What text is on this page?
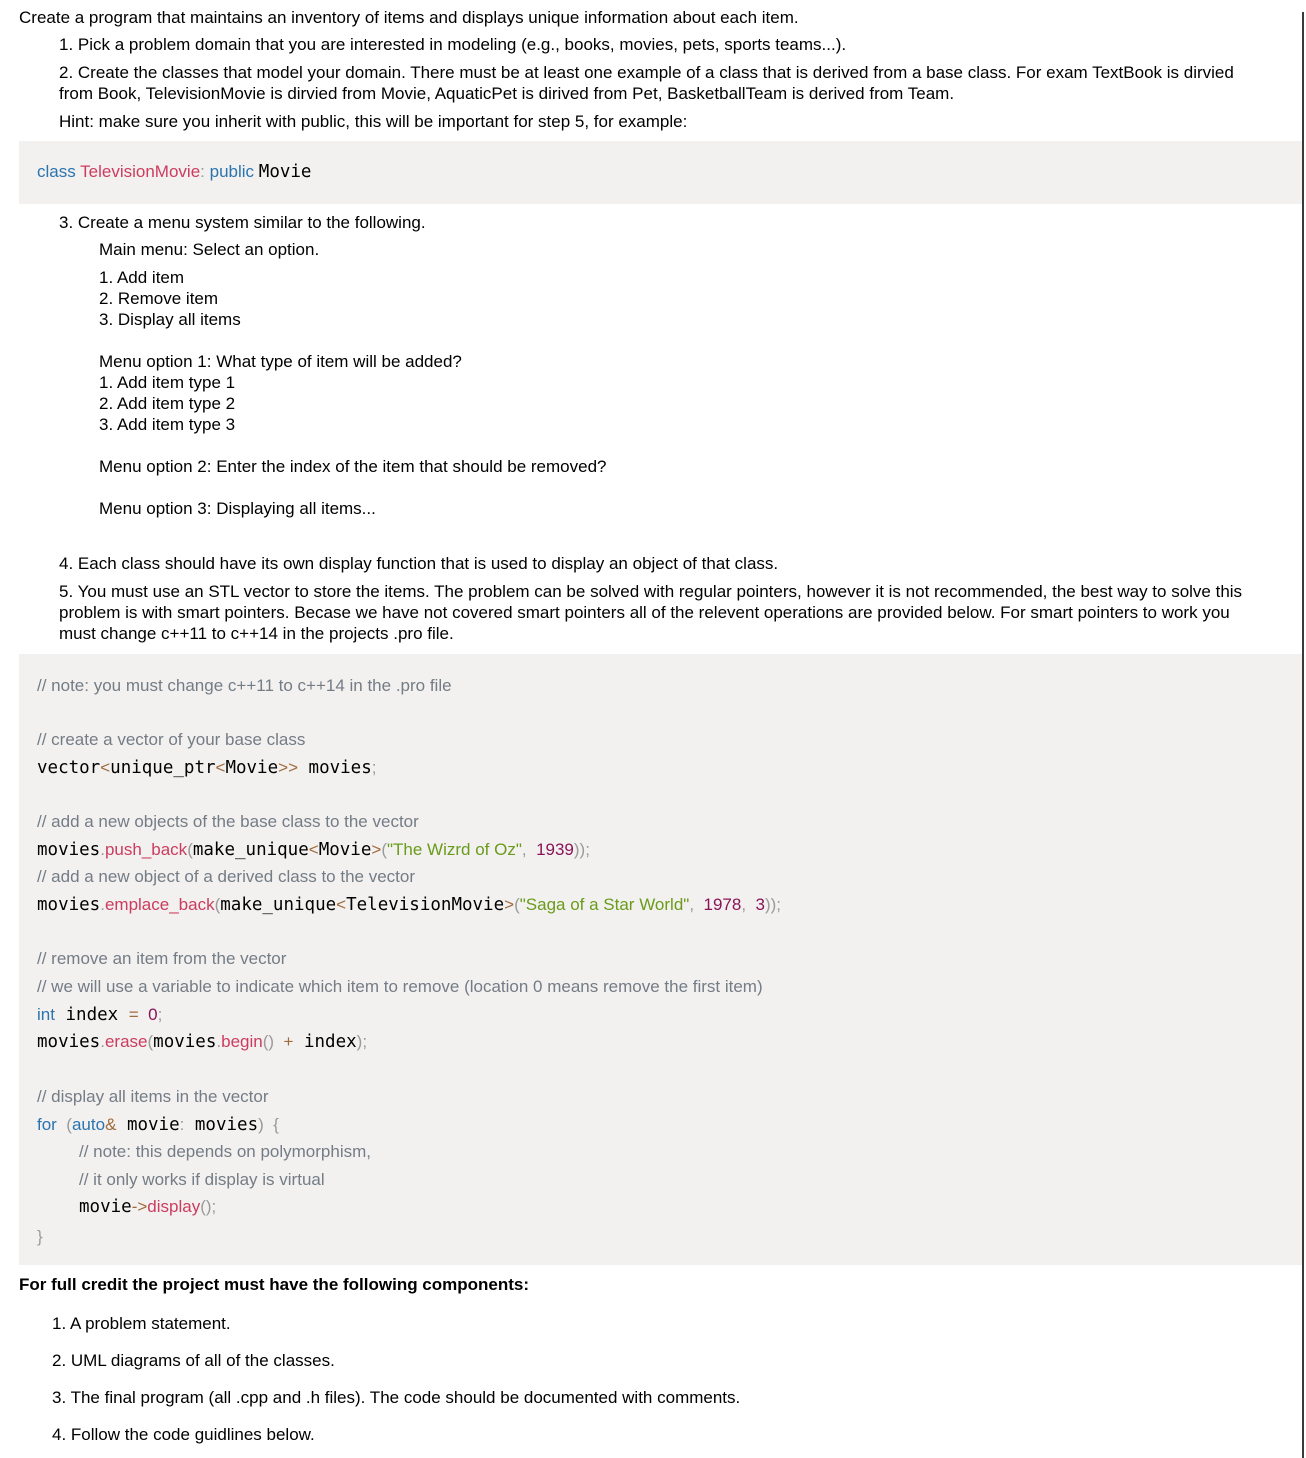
Create a program that maintains an inventory of items and displays unique information about each item.
1. Pick a problem domain that you are interested in modeling (e.g., books, movies, pets, sports teams...).
2. Create the classes that model your domain. There must be at least one example of a class that is derived from a base class. For exam TextBook is dirvied
from Book, TelevisionMovie is dirvied from Movie, AquaticPet is dirived from Pet, BasketballTeam is derived from Team.
Hint: make sure you inherit with public, this will be important for step 5, for example:
class TelevisionMovie: public Movie
3. Create a menu system similar to the following.
Main menu: Select an option.
1. Add item
2. Remove item
3. Display all items
Menu option 1: What type of item will be added?
1. Add item type 1
2. Add item type 2
3. Add item type 3
Menu option 2: Enter the index of the item that should be removed?
Menu option 3: Displaying all items...
4. Each class should have its own display function that is used to display an object of that class.
5. You must use an STL vector to store the items. The problem can be solved with regular pointers, however it is not recommended, the best way to solve this
problem is with smart pointers. Becase we have not covered smart pointers all of the relevent operations are provided below. For smart pointers to work you
must change c++11 to c++14 in the projects .pro file.
// note: you must change c++11 to c++14 in the .pro file
// create a vector of your base class
vector<unique_ptr<Movie>> movies;
// add a new objects of the base class to the vector
movies.push_back(make_unique<Movie>("The Wizrd of Oz", 1939));
// add a new object of a derived class to the vector
movies.emplace_back(make_unique<TelevisionMovie>("Saga of a Star World", 1978, 3));
// remove an item from the vector
// we will use a variable to indicate which item to remove (location 0 means remove the first item)
int index = 0;
movies.erase(movies.begin() + index);
// display all items in the vector
for (auto& movie: movies) {
// note: this depends on polymorphism,
// it only works if display is virtual
movie->display();
}
For full credit the project must have the following components:
1. A problem statement.
2. UML diagrams of all of the classes.
3. The final program (all .cpp and .h files). The code should be documented with comments.
4. Follow the code guidlines below.
